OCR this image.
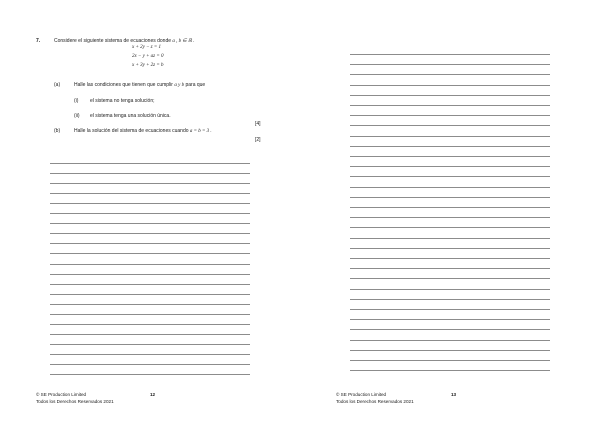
7.	Considere el siguiente sistema de ecuaciones donde a , b ∈ ℝ .
x + 2y − z = 1
2x − y + az = 0
x + 3y + 2z = b
(a)	Halle las condiciones que tienen que cumplir a y b para que
(i) el sistema no tenga solución;
(ii) el sistema tenga una solución única.
[4]
(b)	Halle la solución del sistema de ecuaciones cuando a = b = 3 .
[2]
© SE Production Limited
Todos los Derechos Reservados 2021
12	© SE Production Limited
Todos los Derechos Reservados 2021
13
